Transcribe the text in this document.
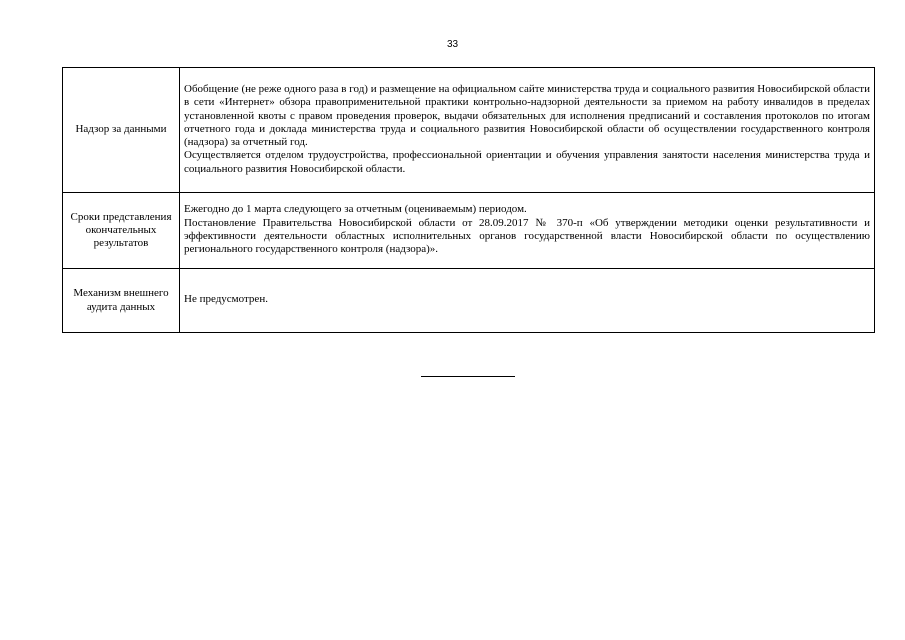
33
Надзор за данными	Обобщение (не реже одного раза в год) и размещение на официальном сайте министерства труда и социального развития Новосибирской области в сети «Интернет» обзора правоприменительной практики контрольно-надзорной деятельности за приемом на работу инвалидов в пределах установленной квоты с правом проведения проверок, выдачи обязательных для исполнения предписаний и составления протоколов по итогам отчетного года и доклада министерства труда и социального развития Новосибирской области об осуществлении государственного контроля (надзора) за отчетный год.

Осуществляется отделом трудоустройства, профессиональной ориентации и обучения управления занятости населения министерства труда и социального развития Новосибирской области.

Сроки представления окончательных результатов	Ежегодно до 1 марта следующего за отчетным (оцениваемым) периодом.

Постановление Правительства Новосибирской области от 28.09.2017 № 370-п «Об утверждении методики оценки результативности и эффективности деятельности областных исполнительных органов государственной власти Новосибирской области по осуществлению регионального государственного контроля (надзора)».

Механизм внешнего аудита данных	Не предусмотрен.
